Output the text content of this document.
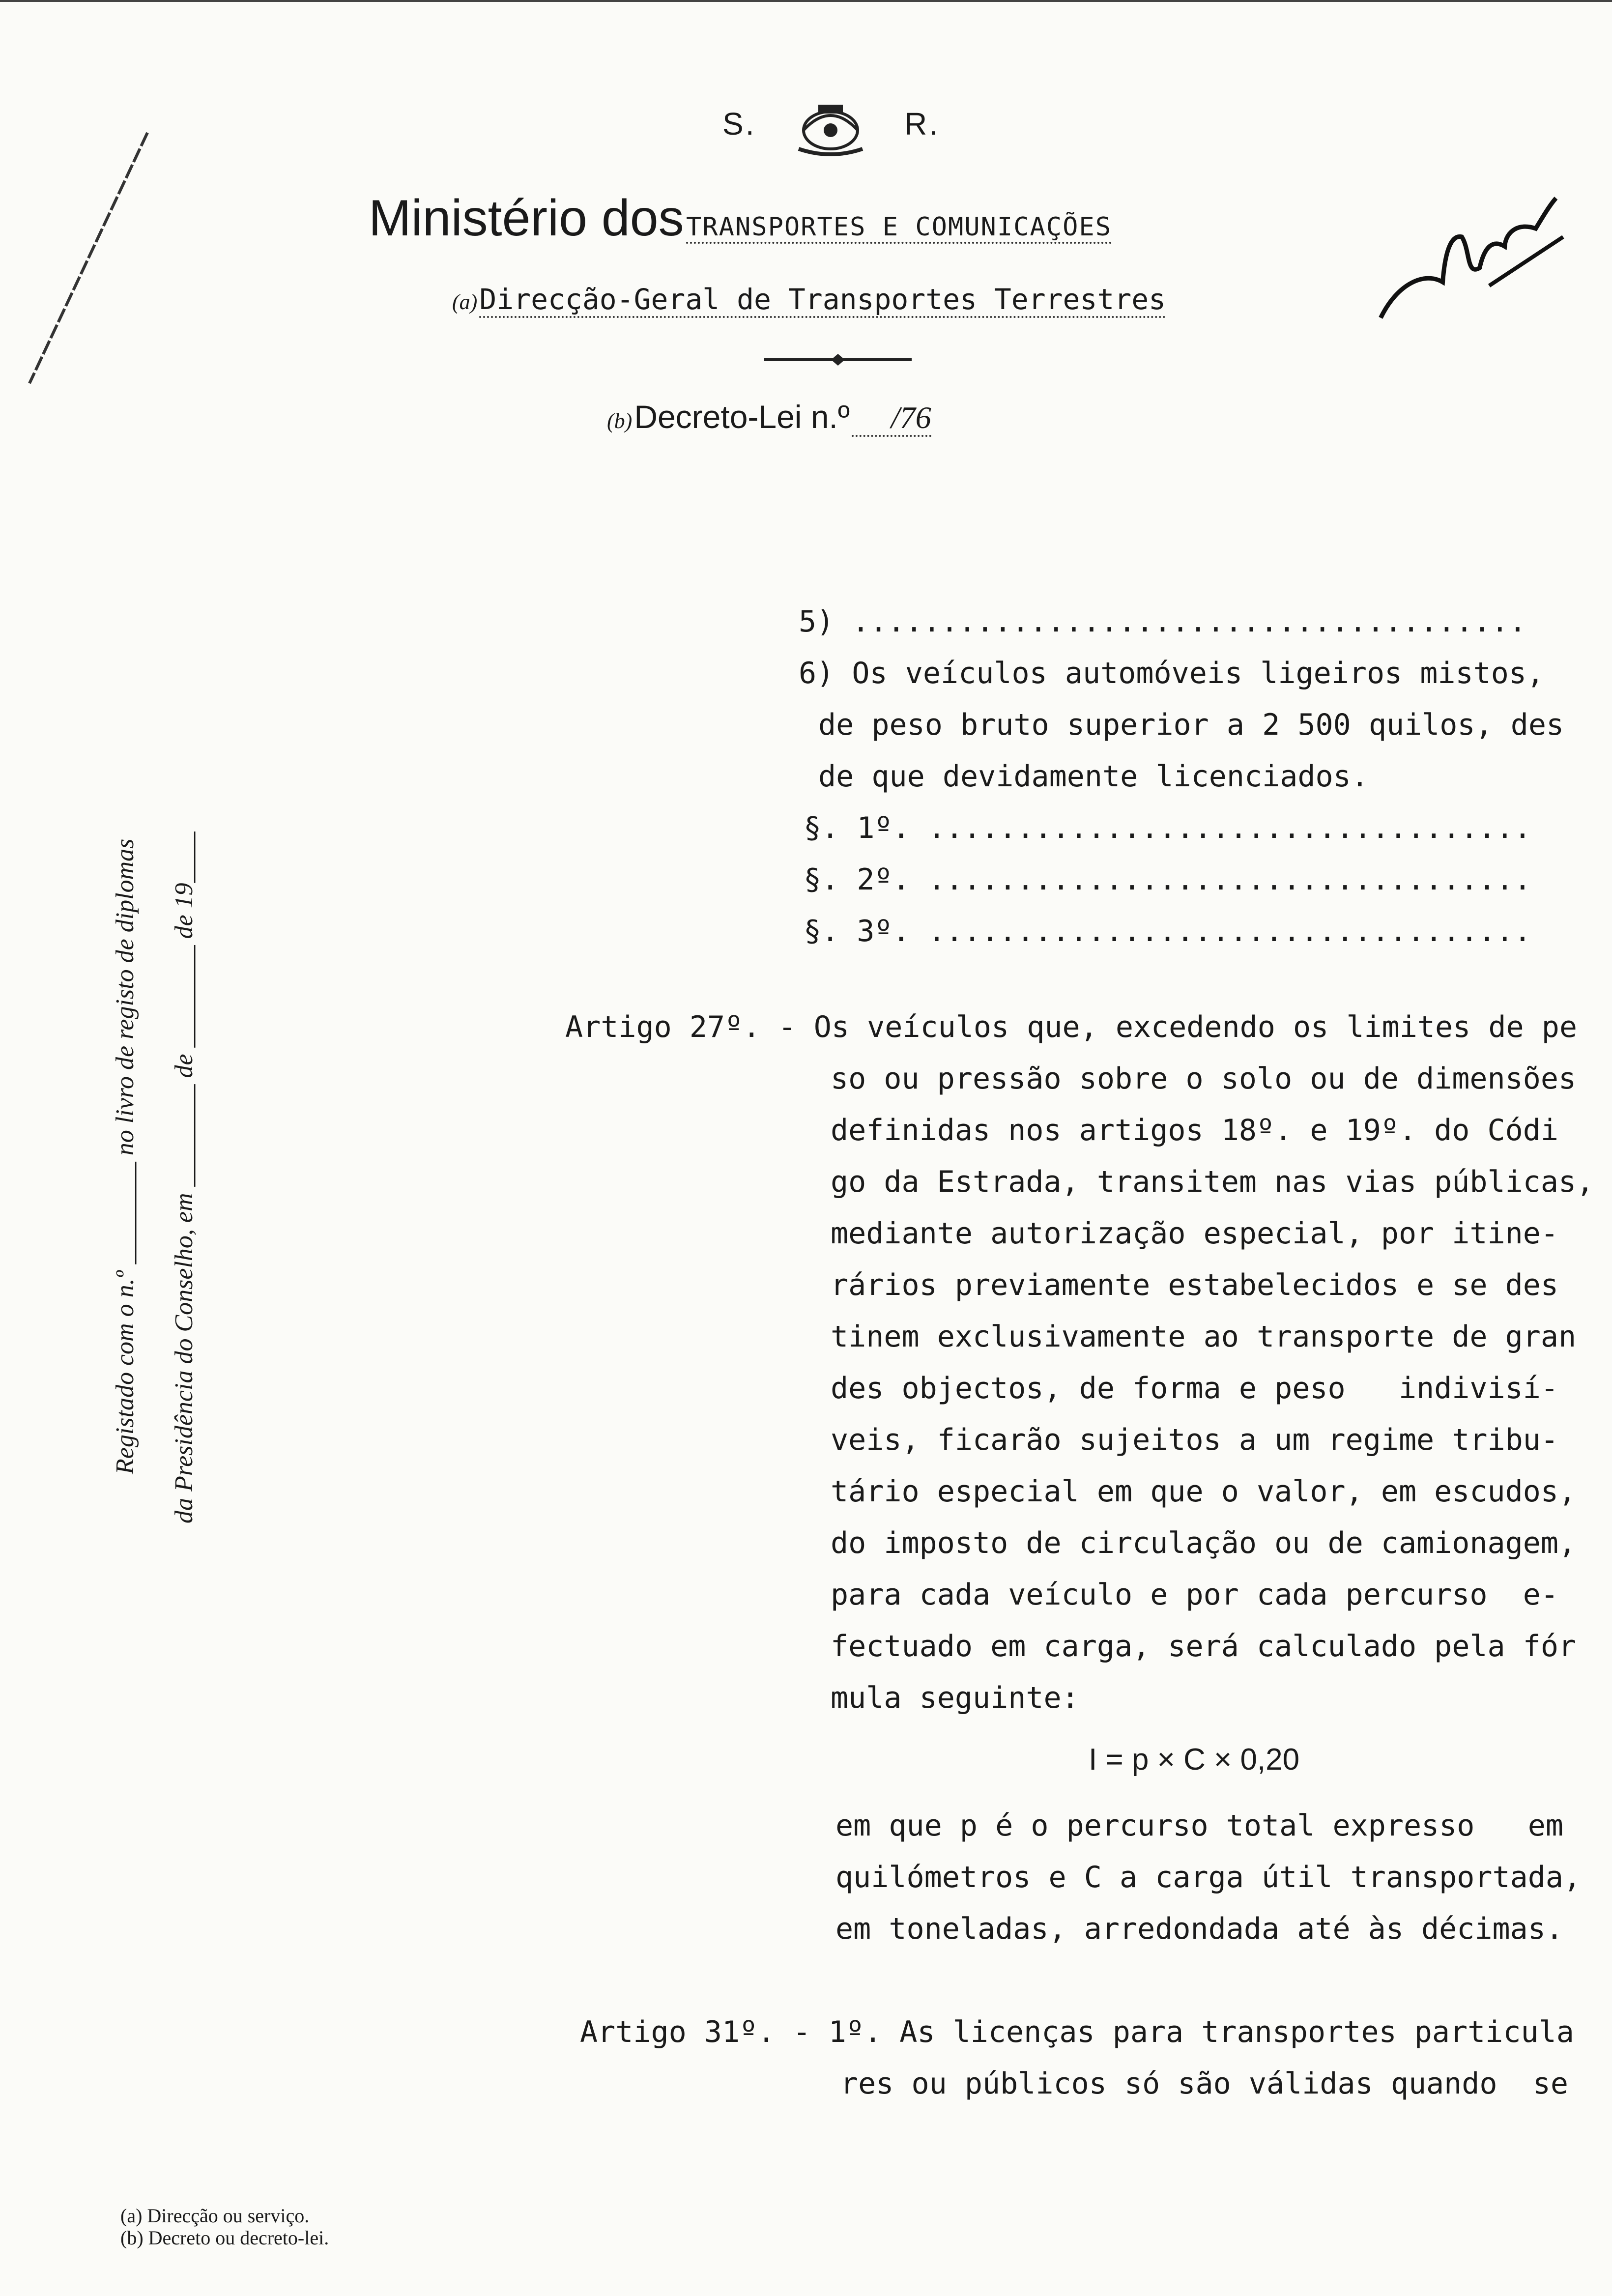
S.	R.
Ministério dos TRANSPORTES E COMUNICAÇÕES
(a) Direcção-Geral de Transportes Terrestres
(b) Decreto-Lei n.º /76
Registado com o n.º ________ no livro de registo de diplomas da Presidência do Conselho, em ________ de ________ de 19____
5) ......................................
6) Os veículos automóveis ligeiros mistos,
de peso bruto superior a 2 500 quilos, des
de que devidamente licenciados.
§. 1º. ..................................
§. 2º. ..................................
§. 3º. ..................................
Artigo 27º. - Os veículos que, excedendo os limites de pe
so ou pressão sobre o solo ou de dimensões
definidas nos artigos 18º. e 19º. do Códi
go da Estrada, transitem nas vias públicas,
mediante autorização especial, por itine-
rários previamente estabelecidos e se des
tinem exclusivamente ao transporte de gran
des objectos, de forma e peso   indivisí-
veis, ficarão sujeitos a um regime tribu-
tário especial em que o valor, em escudos,
do imposto de circulação ou de camionagem,
para cada veículo e por cada percurso  e-
fectuado em carga, será calculado pela fór
mula seguinte:
I = p × C × 0,20
em que p é o percurso total expresso   em
quilómetros e C a carga útil transportada,
em toneladas, arredondada até às décimas.
Artigo 31º. - 1º. As licenças para transportes particula
res ou públicos só são válidas quando  se
(a) Direcção ou serviço.
(b) Decreto ou decreto-lei.
